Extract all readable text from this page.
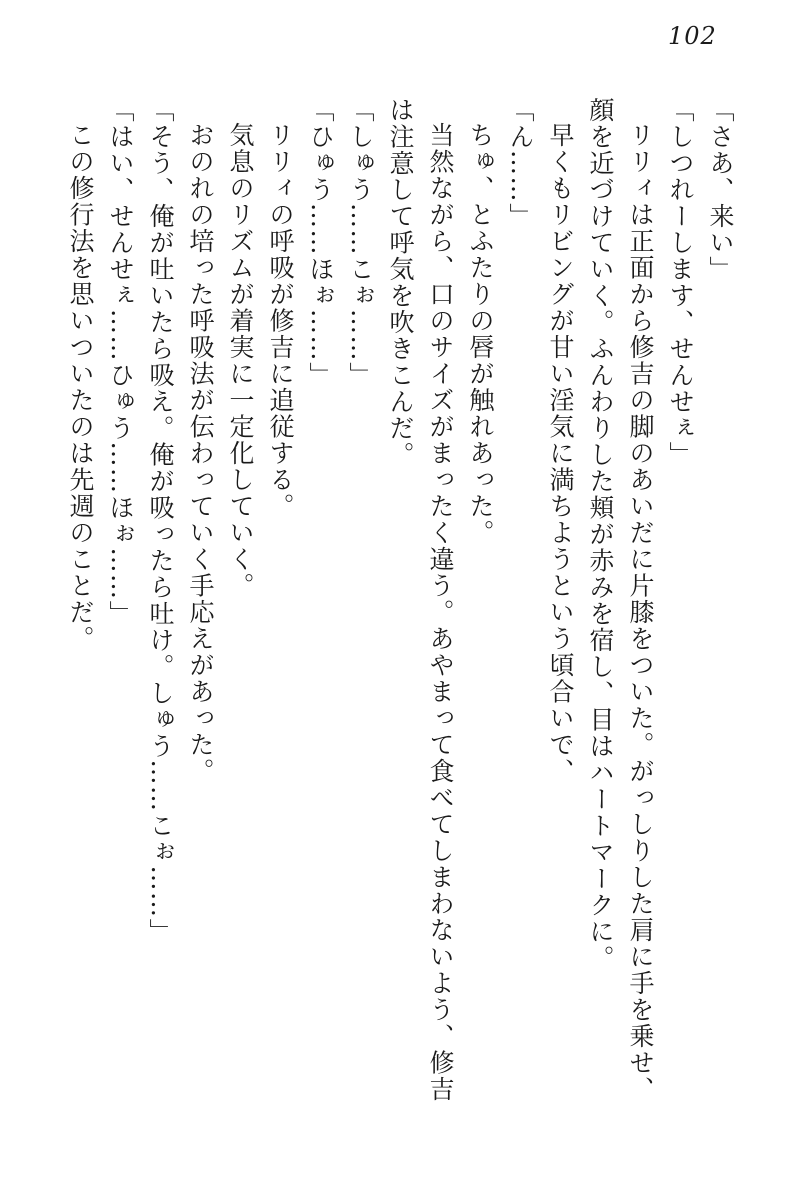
102

「さあ、来い」

「しつれーします、せんせぇ」

リリィは正面から修吉の脚のあいだに片膝をついた。がっしりした肩に手を乗せ、顔を近づけていく。ふんわりした頬が赤みを宿し、目はハートマークに。

早くもリビングが甘い淫気に満ちようという頃合いで、

「ん……」

ちゅ、とふたりの唇が触れあった。

当然ながら、口のサイズがまったく違う。あやまって食べてしまわないよう、修吉は注意して呼気を吹きこんだ。

「しゅう……こぉ……」

「ひゅう……ほぉ……」

リリィの呼吸が修吉に追従する。

気息のリズムが着実に一定化していく。

おのれの培った呼吸法が伝わっていく手応えがあった。

「そう、俺が吐いたら吸え。俺が吸ったら吐け。しゅう……こぉ……」

「はい、せんせぇ……ひゅう……ほぉ……」

この修行法を思いついたのは先週のことだ。
